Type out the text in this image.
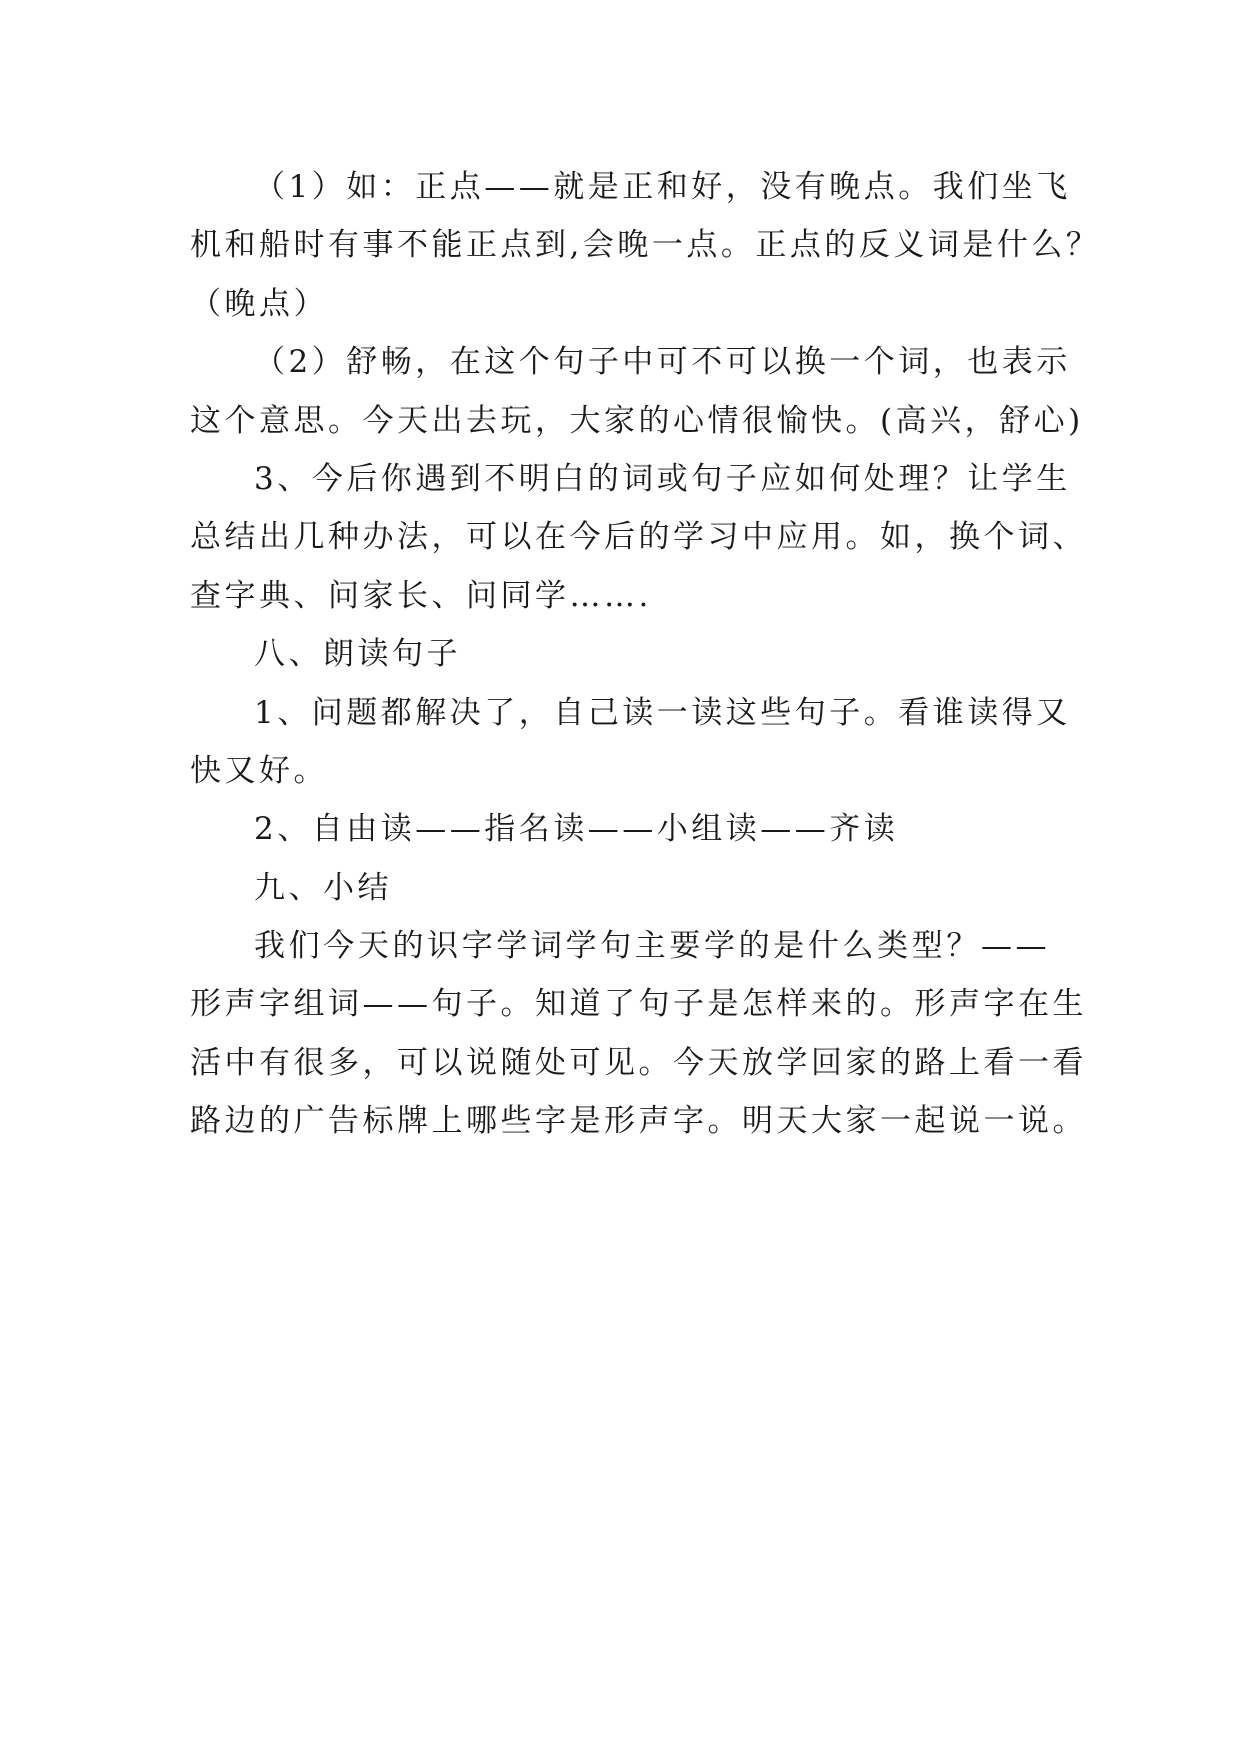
（1）如：正点——就是正和好，没有晚点。我们坐飞
机和船时有事不能正点到,会晚一点。正点的反义词是什么？
（晚点）
（2）舒畅，在这个句子中可不可以换一个词，也表示
这个意思。今天出去玩，大家的心情很愉快。(高兴，舒心)
3、今后你遇到不明白的词或句子应如何处理？让学生
总结出几种办法，可以在今后的学习中应用。如，换个词、
查字典、问家长、问同学…….
八、朗读句子
1、问题都解决了，自己读一读这些句子。看谁读得又
快又好。
2、自由读——指名读——小组读——齐读
九、小结
我们今天的识字学词学句主要学的是什么类型？——
形声字组词——句子。知道了句子是怎样来的。形声字在生
活中有很多，可以说随处可见。今天放学回家的路上看一看
路边的广告标牌上哪些字是形声字。明天大家一起说一说。
